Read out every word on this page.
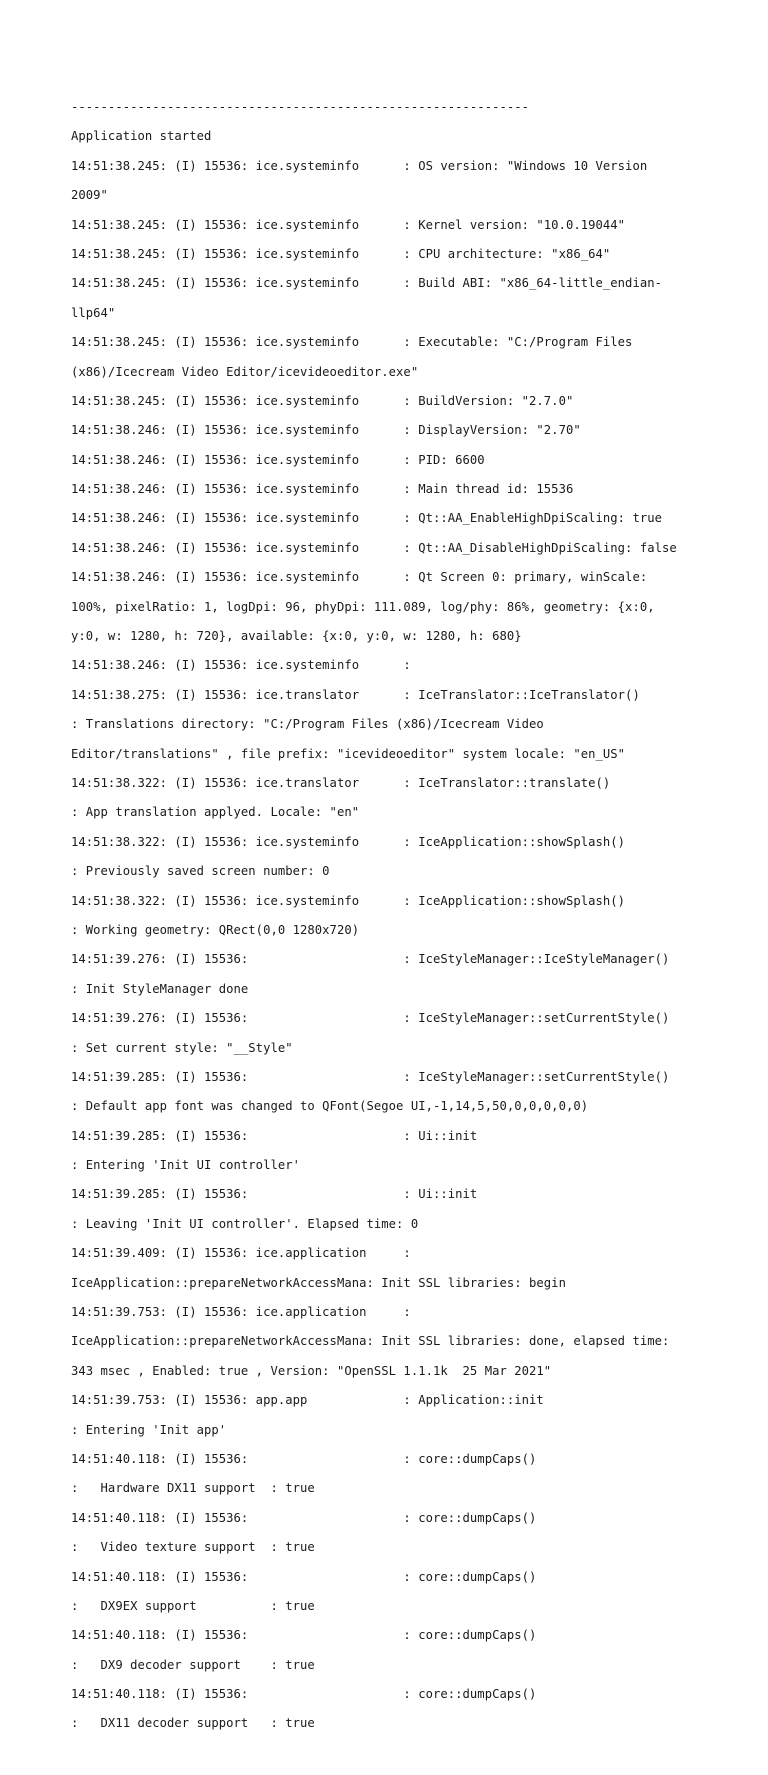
--------------------------------------------------------------

Application started

14:51:38.245: (I) 15536: ice.systeminfo      : OS version: "Windows 10 Version

2009"

14:51:38.245: (I) 15536: ice.systeminfo      : Kernel version: "10.0.19044"

14:51:38.245: (I) 15536: ice.systeminfo      : CPU architecture: "x86_64"

14:51:38.245: (I) 15536: ice.systeminfo      : Build ABI: "x86_64-little_endian-

llp64"

14:51:38.245: (I) 15536: ice.systeminfo      : Executable: "C:/Program Files

(x86)/Icecream Video Editor/icevideoeditor.exe"

14:51:38.245: (I) 15536: ice.systeminfo      : BuildVersion: "2.7.0"

14:51:38.246: (I) 15536: ice.systeminfo      : DisplayVersion: "2.70"

14:51:38.246: (I) 15536: ice.systeminfo      : PID: 6600

14:51:38.246: (I) 15536: ice.systeminfo      : Main thread id: 15536

14:51:38.246: (I) 15536: ice.systeminfo      : Qt::AA_EnableHighDpiScaling: true

14:51:38.246: (I) 15536: ice.systeminfo      : Qt::AA_DisableHighDpiScaling: false

14:51:38.246: (I) 15536: ice.systeminfo      : Qt Screen 0: primary, winScale:

100%, pixelRatio: 1, logDpi: 96, phyDpi: 111.089, log/phy: 86%, geometry: {x:0,

y:0, w: 1280, h: 720}, available: {x:0, y:0, w: 1280, h: 680}

14:51:38.246: (I) 15536: ice.systeminfo      :

14:51:38.275: (I) 15536: ice.translator      : IceTranslator::IceTranslator()

: Translations directory: "C:/Program Files (x86)/Icecream Video

Editor/translations" , file prefix: "icevideoeditor" system locale: "en_US"

14:51:38.322: (I) 15536: ice.translator      : IceTranslator::translate()

: App translation applyed. Locale: "en"

14:51:38.322: (I) 15536: ice.systeminfo      : IceApplication::showSplash()

: Previously saved screen number: 0

14:51:38.322: (I) 15536: ice.systeminfo      : IceApplication::showSplash()

: Working geometry: QRect(0,0 1280x720)

14:51:39.276: (I) 15536:                     : IceStyleManager::IceStyleManager()

: Init StyleManager done

14:51:39.276: (I) 15536:                     : IceStyleManager::setCurrentStyle()

: Set current style: "__Style"

14:51:39.285: (I) 15536:                     : IceStyleManager::setCurrentStyle()

: Default app font was changed to QFont(Segoe UI,-1,14,5,50,0,0,0,0,0)

14:51:39.285: (I) 15536:                     : Ui::init

: Entering 'Init UI controller'

14:51:39.285: (I) 15536:                     : Ui::init

: Leaving 'Init UI controller'. Elapsed time: 0

14:51:39.409: (I) 15536: ice.application     :

IceApplication::prepareNetworkAccessMana: Init SSL libraries: begin

14:51:39.753: (I) 15536: ice.application     :

IceApplication::prepareNetworkAccessMana: Init SSL libraries: done, elapsed time:

343 msec , Enabled: true , Version: "OpenSSL 1.1.1k  25 Mar 2021"

14:51:39.753: (I) 15536: app.app             : Application::init

: Entering 'Init app'

14:51:40.118: (I) 15536:                     : core::dumpCaps()

:   Hardware DX11 support  : true

14:51:40.118: (I) 15536:                     : core::dumpCaps()

:   Video texture support  : true

14:51:40.118: (I) 15536:                     : core::dumpCaps()

:   DX9EX support          : true

14:51:40.118: (I) 15536:                     : core::dumpCaps()

:   DX9 decoder support    : true

14:51:40.118: (I) 15536:                     : core::dumpCaps()

:   DX11 decoder support   : true
